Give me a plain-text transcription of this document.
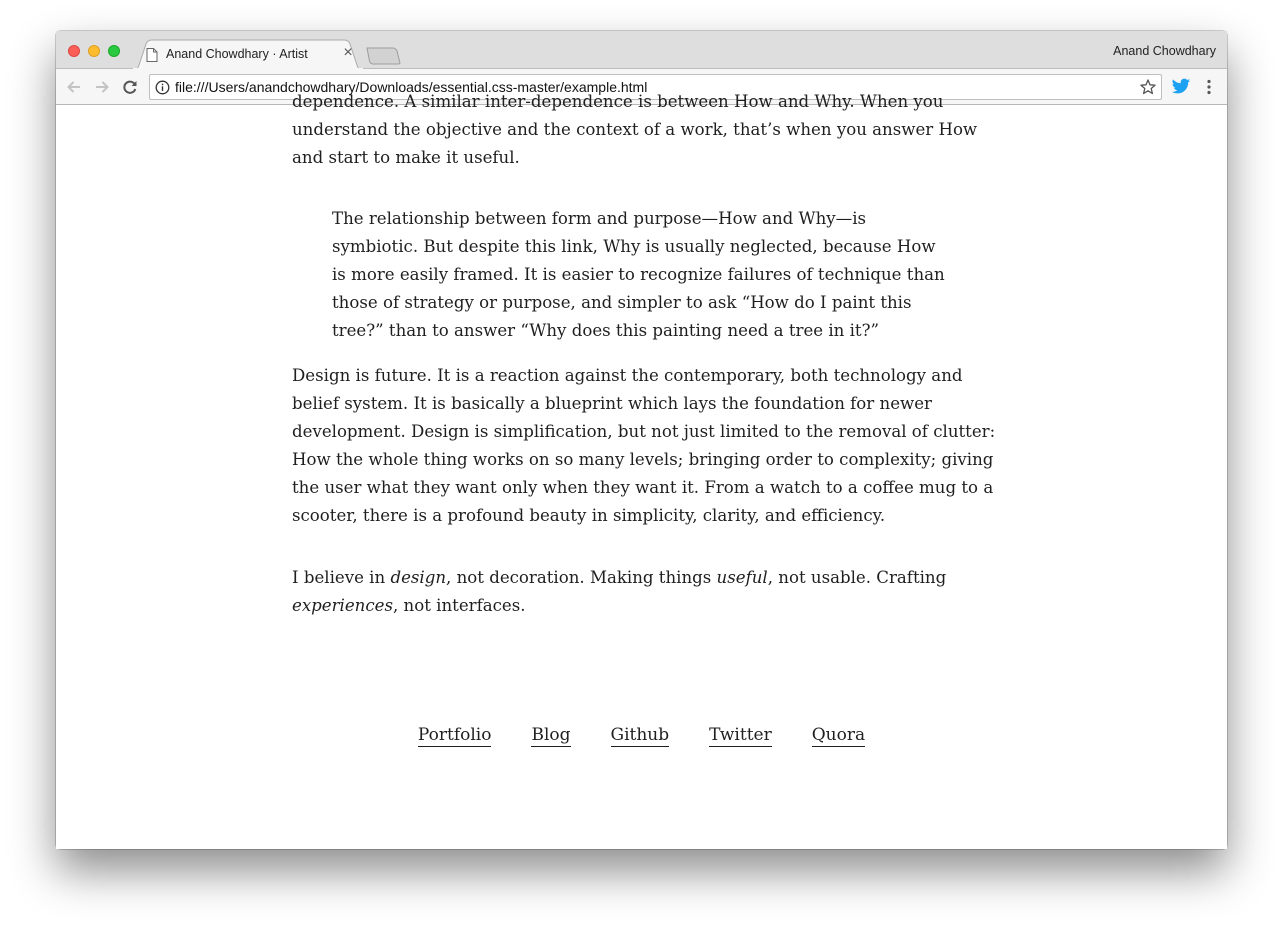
Anand Chowdhary · Artist ×	Anand Chowdhary
file:///Users/anandchowdhary/Downloads/essential.css-master/example.html

dependence. A similar inter-dependence is between How and Why. When you understand the objective and the context of a work, that’s when you answer How and start to make it useful.

The relationship between form and purpose—How and Why—is symbiotic. But despite this link, Why is usually neglected, because How is more easily framed. It is easier to recognize failures of technique than those of strategy or purpose, and simpler to ask “How do I paint this tree?” than to answer “Why does this painting need a tree in it?”

Design is future. It is a reaction against the contemporary, both technology and belief system. It is basically a blueprint which lays the foundation for newer development. Design is simplification, but not just limited to the removal of clutter: How the whole thing works on so many levels; bringing order to complexity; giving the user what they want only when they want it. From a watch to a coffee mug to a scooter, there is a profound beauty in simplicity, clarity, and efficiency.

I believe in design, not decoration. Making things useful, not usable. Crafting experiences, not interfaces.

Portfolio Blog Github Twitter Quora
